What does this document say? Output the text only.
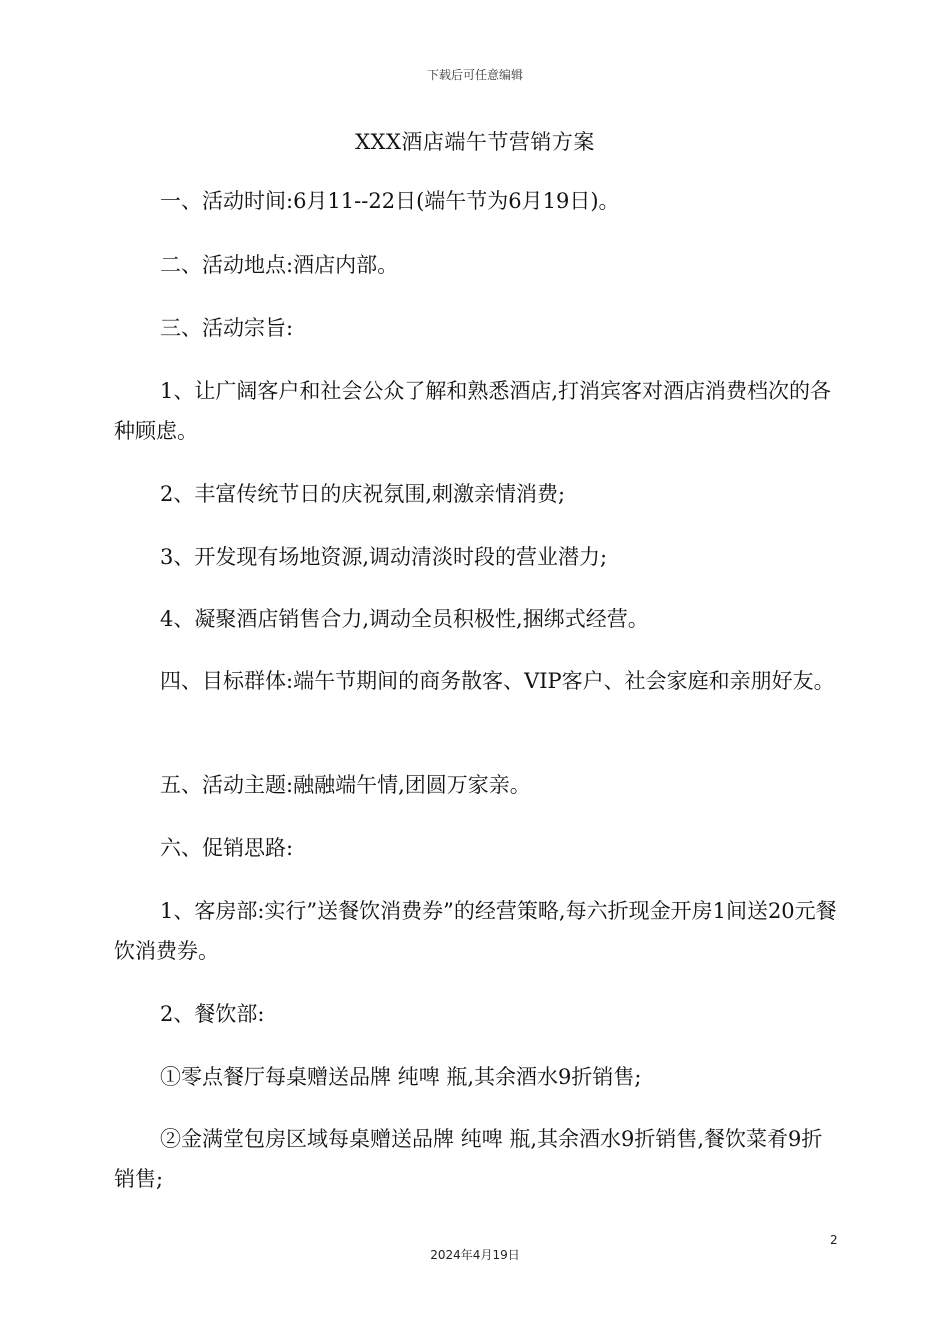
下载后可任意编辑
XXX酒店端午节营销方案

一、活动时间:6月11--22日(端午节为6月19日)。

二、活动地点:酒店内部。

三、活动宗旨:

1、让广阔客户和社会公众了解和熟悉酒店,打消宾客对酒店消费档次的各种顾虑。

2、丰富传统节日的庆祝氛围,刺激亲情消费;

3、开发现有场地资源,调动清淡时段的营业潜力;

4、凝聚酒店销售合力,调动全员积极性,捆绑式经营。

四、目标群体:端午节期间的商务散客、VIP客户、社会家庭和亲朋好友。

五、活动主题:融融端午情,团圆万家亲。

六、促销思路:

1、客房部:实行”送餐饮消费券”的经营策略,每六折现金开房1间送20元餐饮消费券。

2、餐饮部:

①零点餐厅每桌赠送品牌 纯啤 瓶,其余酒水9折销售;

②金满堂包房区域每桌赠送品牌 纯啤 瓶,其余酒水9折销售,餐饮菜肴9折销售;

2
2024年4月19日
